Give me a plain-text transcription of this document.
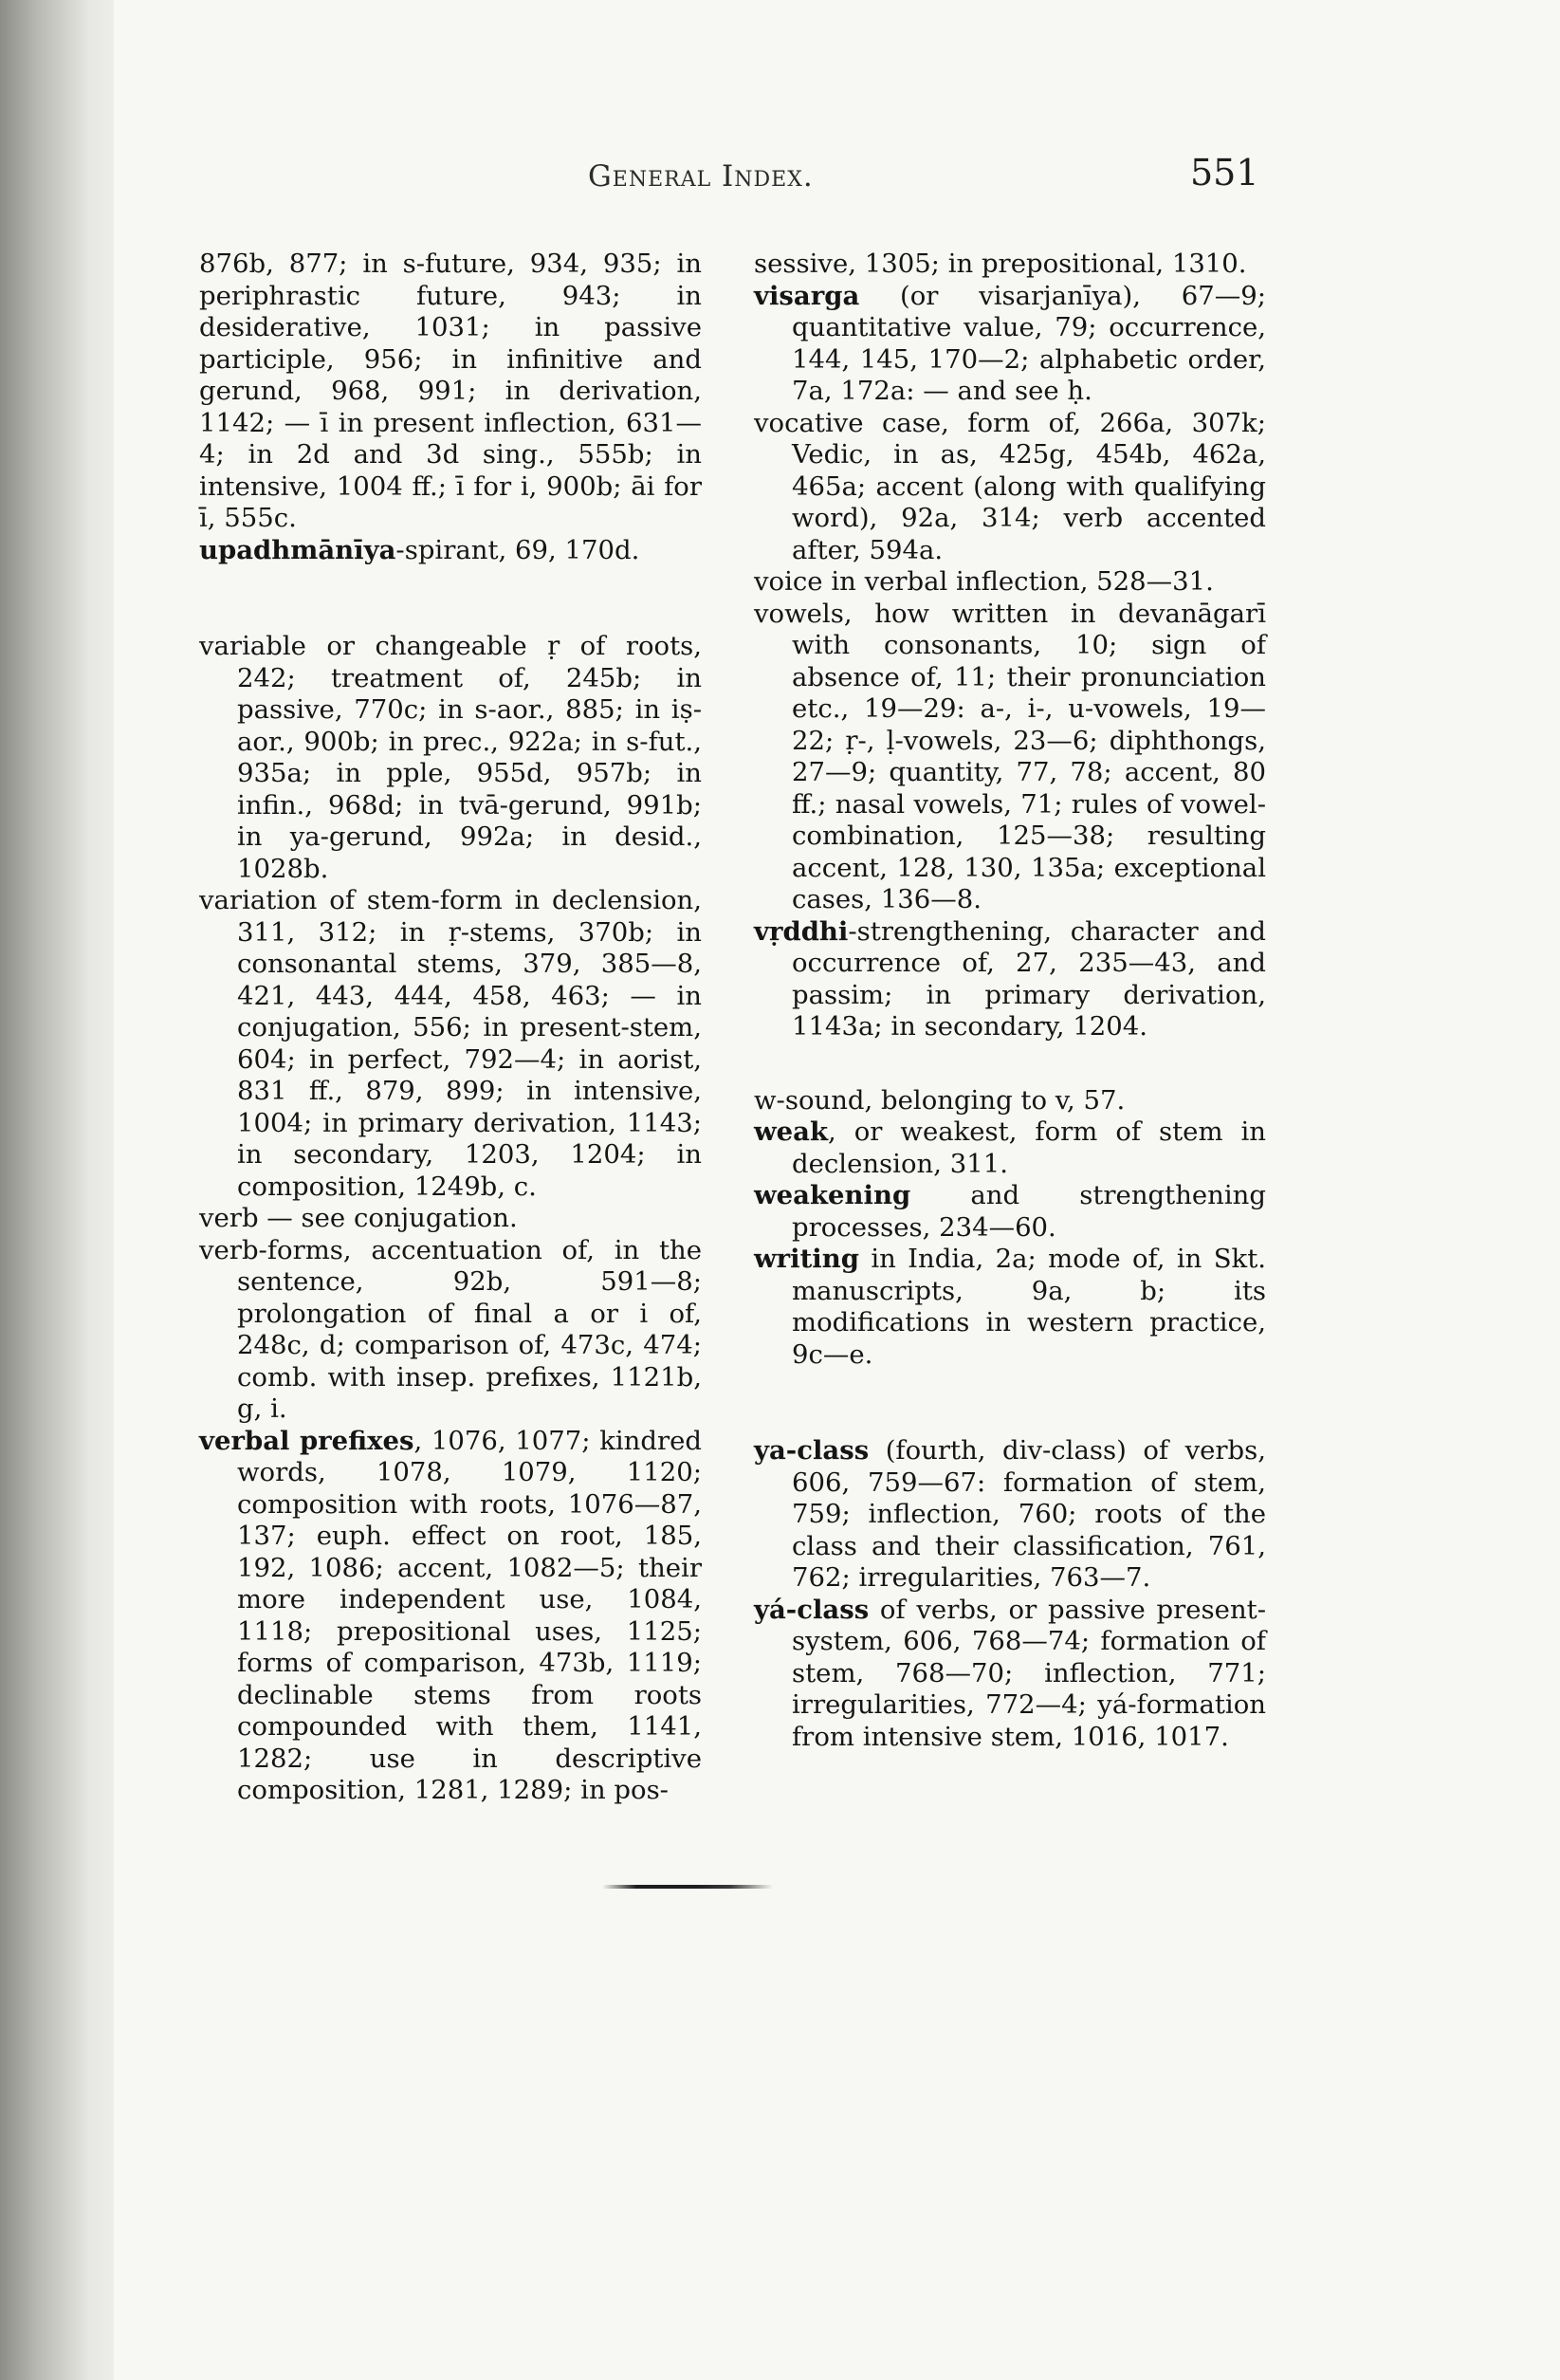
General Index.	551

876b, 877; in s-future, 934, 935; in periphrastic future, 943; in desiderative, 1031; in passive participle, 956; in infinitive and gerund, 968, 991; in derivation, 1142; — ī in present inflection, 631—4; in 2d and 3d sing., 555b; in intensive, 1004 ff.; ī for i, 900b; āi for ī, 555c.

upadhmānīya-spirant, 69, 170d.

variable or changeable ṛ of roots, 242; treatment of, 245b; in passive, 770c; in s-aor., 885; in iṣ-aor., 900b; in prec., 922a; in s-fut., 935a; in pple, 955d, 957b; in infin., 968d; in tvā-gerund, 991b; in ya-gerund, 992a; in desid., 1028b.

variation of stem-form in declension, 311, 312; in ṛ-stems, 370b; in consonantal stems, 379, 385—8, 421, 443, 444, 458, 463; — in conjugation, 556; in present-stem, 604; in perfect, 792—4; in aorist, 831 ff., 879, 899; in intensive, 1004; in primary derivation, 1143; in secondary, 1203, 1204; in composition, 1249b, c.

verb — see conjugation.

verb-forms, accentuation of, in the sentence, 92b, 591—8; prolongation of final a or i of, 248c, d; comparison of, 473c, 474; comb. with insep. prefixes, 1121b, g, i.

verbal prefixes, 1076, 1077; kindred words, 1078, 1079, 1120; composition with roots, 1076—87, 137; euph. effect on root, 185, 192, 1086; accent, 1082—5; their more independent use, 1084, 1118; prepositional uses, 1125; forms of comparison, 473b, 1119; declinable stems from roots compounded with them, 1141, 1282; use in descriptive composition, 1281, 1289; in pos-

sessive, 1305; in prepositional, 1310.

visarga (or visarjanīya), 67—9; quantitative value, 79; occurrence, 144, 145, 170—2; alphabetic order, 7a, 172a: — and see ḥ.

vocative case, form of, 266a, 307k; Vedic, in as, 425g, 454b, 462a, 465a; accent (along with qualifying word), 92a, 314; verb accented after, 594a.

voice in verbal inflection, 528—31.

vowels, how written in devanāgarī with consonants, 10; sign of absence of, 11; their pronunciation etc., 19—29: a-, i-, u-vowels, 19—22; ṛ-, ḷ-vowels, 23—6; diphthongs, 27—9; quantity, 77, 78; accent, 80 ff.; nasal vowels, 71; rules of vowel-combination, 125—38; resulting accent, 128, 130, 135a; exceptional cases, 136—8.

vṛddhi-strengthening, character and occurrence of, 27, 235—43, and passim; in primary derivation, 1143a; in secondary, 1204.

w-sound, belonging to v, 57.

weak, or weakest, form of stem in declension, 311.

weakening and strengthening processes, 234—60.

writing in India, 2a; mode of, in Skt. manuscripts, 9a, b; its modifications in western practice, 9c—e.

ya-class (fourth, div-class) of verbs, 606, 759—67: formation of stem, 759; inflection, 760; roots of the class and their classification, 761, 762; irregularities, 763—7.

yá-class of verbs, or passive present-system, 606, 768—74; formation of stem, 768—70; inflection, 771; irregularities, 772—4; yá-formation from intensive stem, 1016, 1017.
